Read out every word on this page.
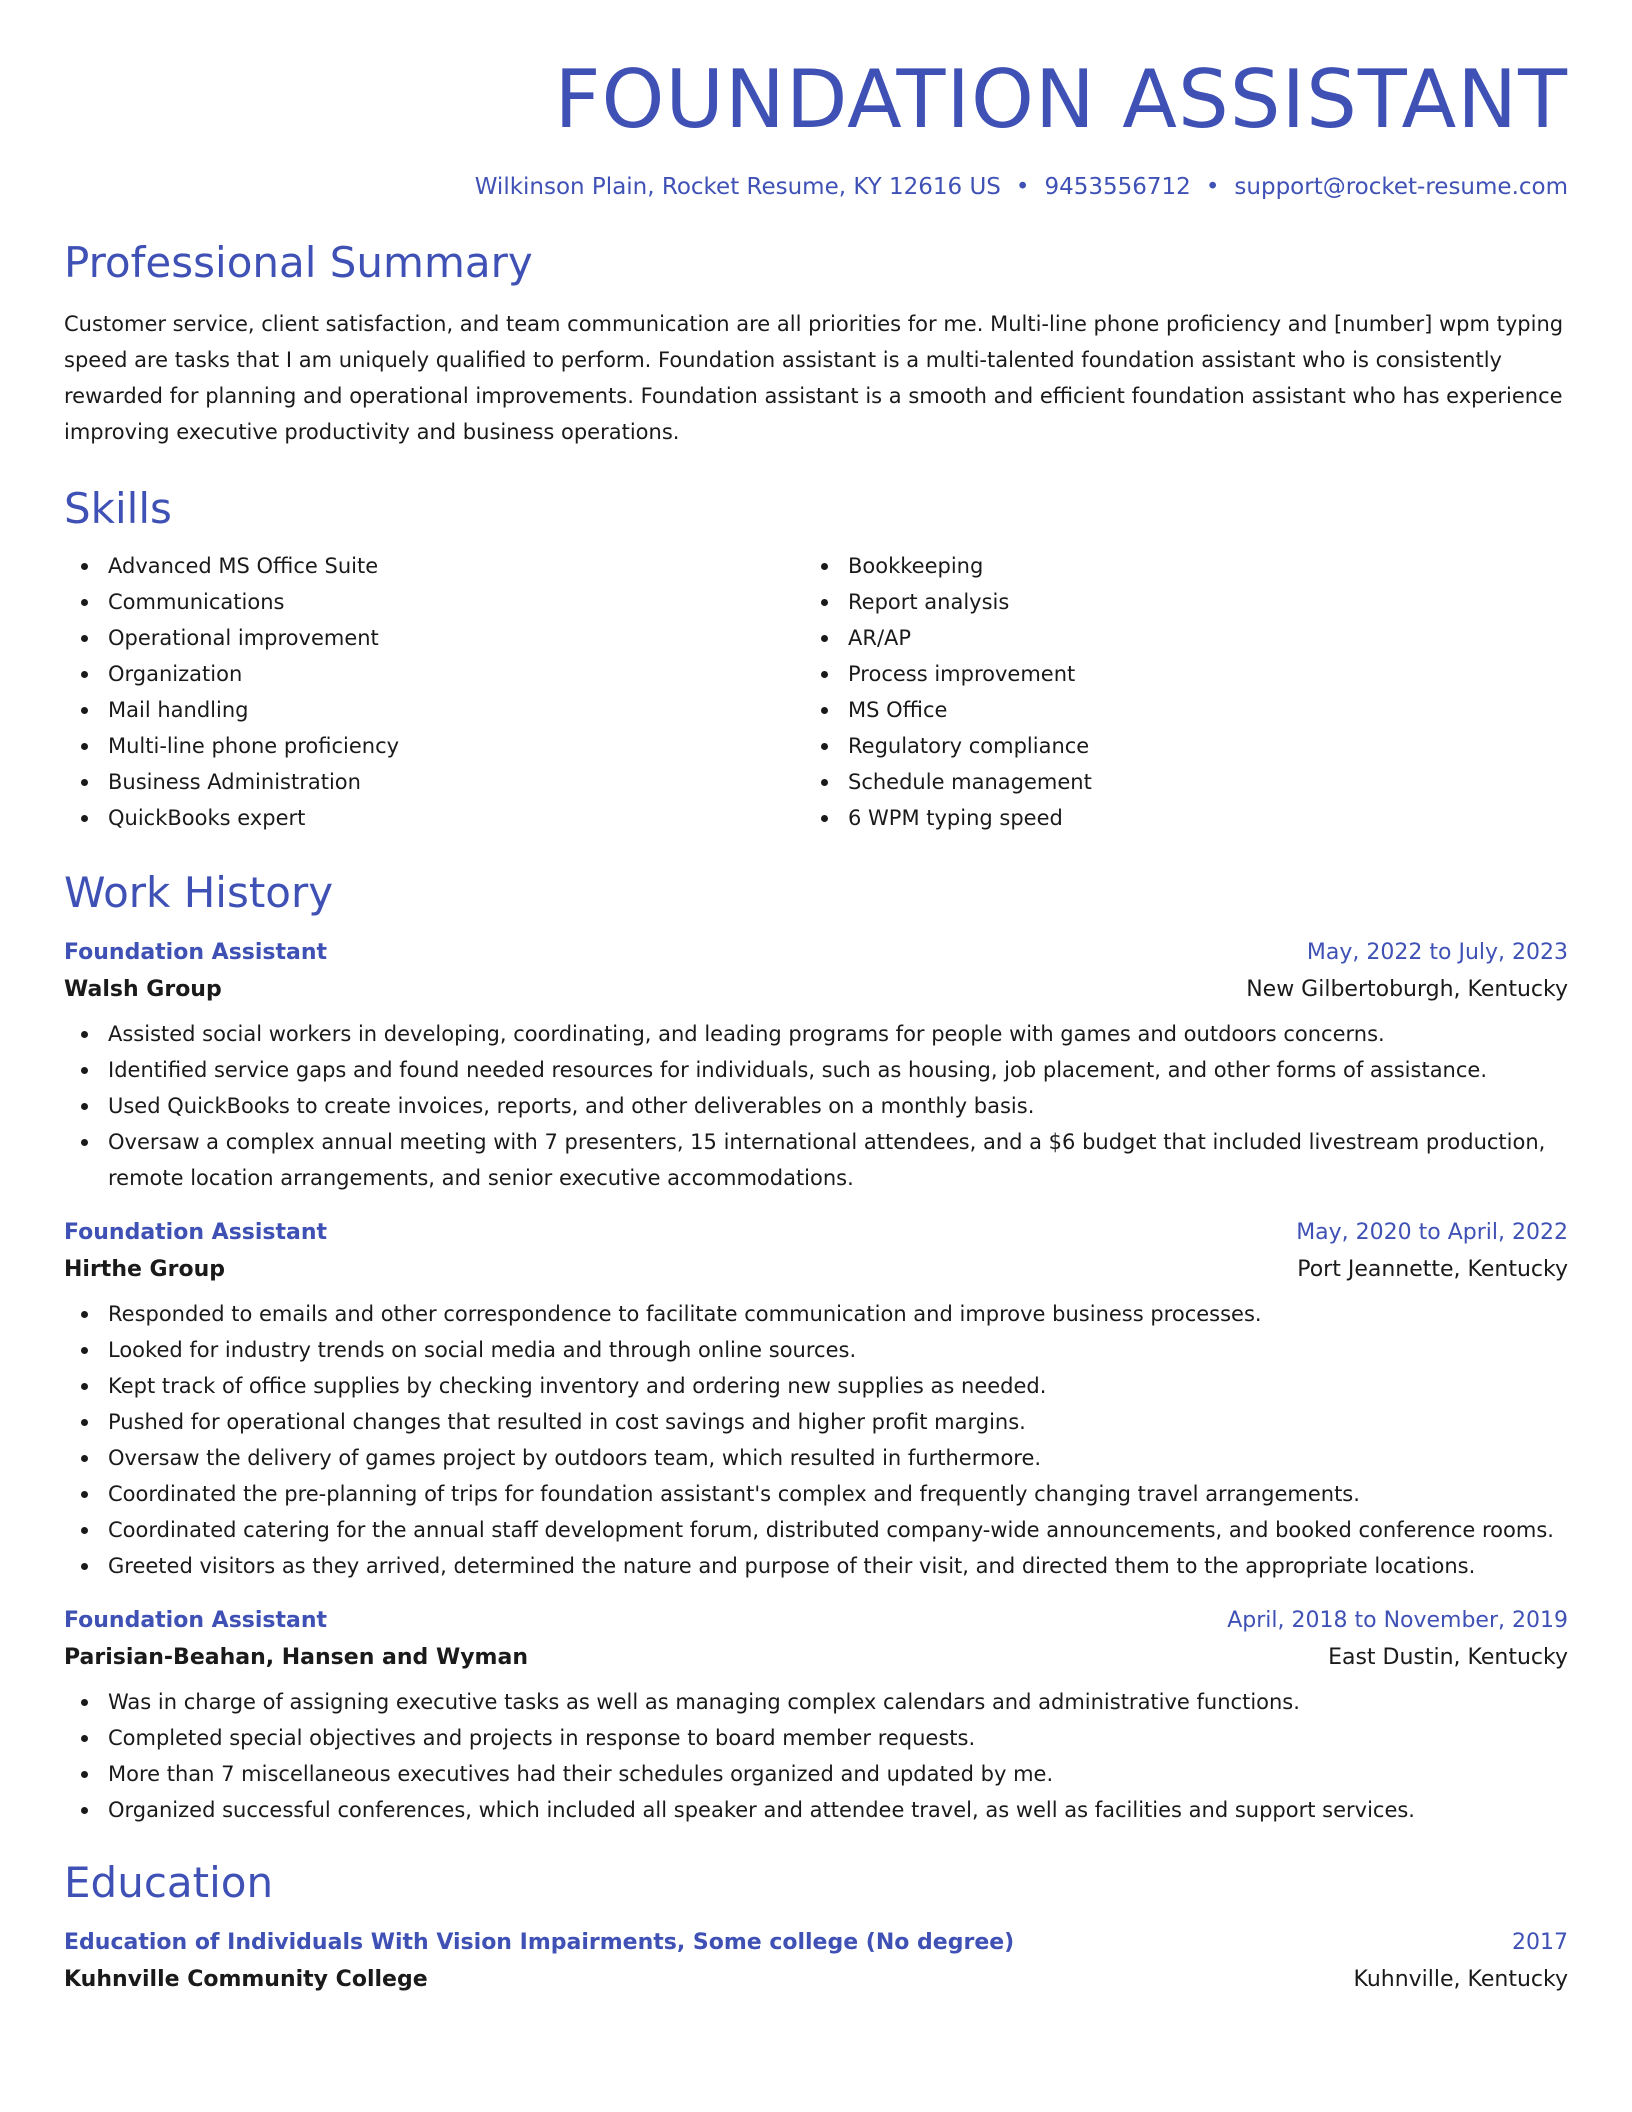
FOUNDATION ASSISTANT
Wilkinson Plain, Rocket Resume, KY 12616 US • 9453556712 • support@rocket-resume.com
Professional Summary

Customer service, client satisfaction, and team communication are all priorities for me. Multi-line phone proficiency and [number] wpm typing speed are tasks that I am uniquely qualified to perform. Foundation assistant is a multi-talented foundation assistant who is consistently rewarded for planning and operational improvements. Foundation assistant is a smooth and efficient foundation assistant who has experience improving executive productivity and business operations.

Skills
Advanced MS Office Suite
Communications
Operational improvement
Organization
Mail handling
Multi-line phone proficiency
Business Administration
QuickBooks expert
Bookkeeping
Report analysis
AR/AP
Process improvement
MS Office
Regulatory compliance
Schedule management
6 WPM typing speed
Work History
Foundation Assistant	May, 2022 to July, 2023
Walsh Group	New Gilbertoburgh, Kentucky
Assisted social workers in developing, coordinating, and leading programs for people with games and outdoors concerns.
Identified service gaps and found needed resources for individuals, such as housing, job placement, and other forms of assistance.
Used QuickBooks to create invoices, reports, and other deliverables on a monthly basis.
Oversaw a complex annual meeting with 7 presenters, 15 international attendees, and a $6 budget that included livestream production, remote location arrangements, and senior executive accommodations.
Foundation Assistant	May, 2020 to April, 2022
Hirthe Group	Port Jeannette, Kentucky
Responded to emails and other correspondence to facilitate communication and improve business processes.
Looked for industry trends on social media and through online sources.
Kept track of office supplies by checking inventory and ordering new supplies as needed.
Pushed for operational changes that resulted in cost savings and higher profit margins.
Oversaw the delivery of games project by outdoors team, which resulted in furthermore.
Coordinated the pre-planning of trips for foundation assistant's complex and frequently changing travel arrangements.
Coordinated catering for the annual staff development forum, distributed company-wide announcements, and booked conference rooms.
Greeted visitors as they arrived, determined the nature and purpose of their visit, and directed them to the appropriate locations.
Foundation Assistant	April, 2018 to November, 2019
Parisian-Beahan, Hansen and Wyman	East Dustin, Kentucky
Was in charge of assigning executive tasks as well as managing complex calendars and administrative functions.
Completed special objectives and projects in response to board member requests.
More than 7 miscellaneous executives had their schedules organized and updated by me.
Organized successful conferences, which included all speaker and attendee travel, as well as facilities and support services.
Education
Education of Individuals With Vision Impairments, Some college (No degree)	2017
Kuhnville Community College	Kuhnville, Kentucky
